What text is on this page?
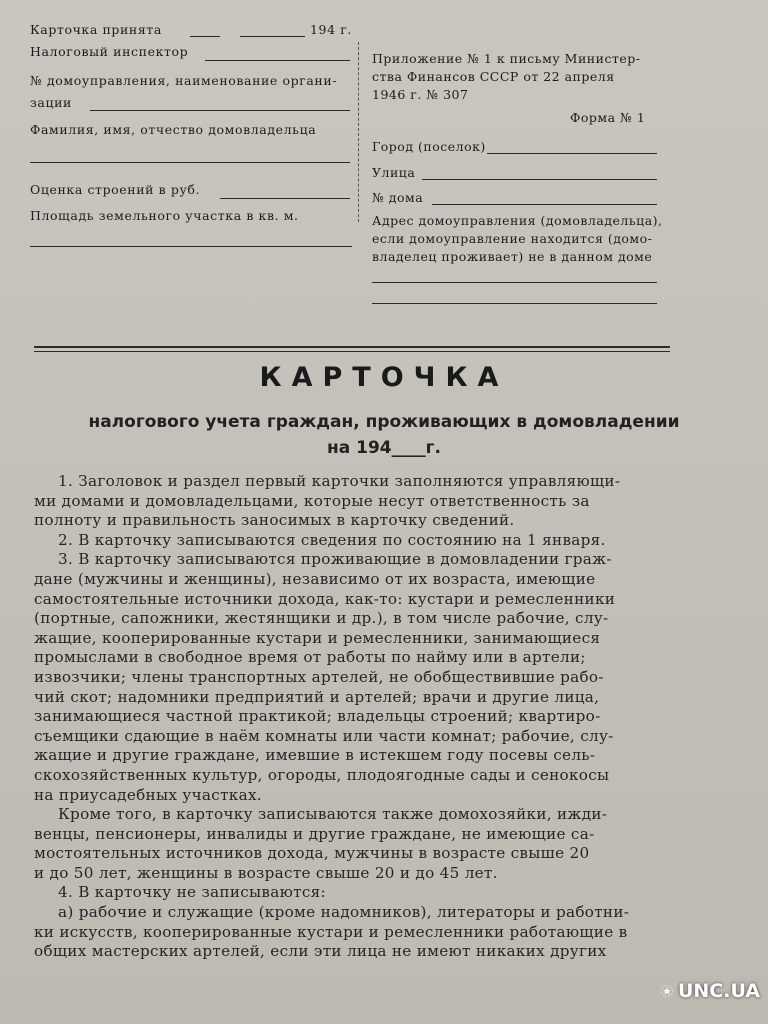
Карточка принята	194 г.
Налоговый инспектор
№ домоуправления, наименование органи-
зации
Фамилия, имя, отчество домовладельца
Оценка строений в руб.
Площадь земельного участка в кв. м.
Приложение № 1 к письму Министер-
ства Финансов СССР от 22 апреля
1946 г. № 307
Форма № 1
Город (поселок)
Улица
№ дома
Адрес домоуправления (домовладельца),
если домоуправление находится (домо-
владелец проживает) не в данном доме
КАРТОЧКА
налогового учета граждан, проживающих в домовладении
на 194____г.
1. Заголовок и раздел первый карточки заполняются управляющи-
ми домами и домовладельцами, которые несут ответственность за
полноту и правильность заносимых в карточку сведений.
2. В карточку записываются сведения по состоянию на 1 января.
3. В карточку записываются проживающие в домовладении граж-
дане (мужчины и женщины), независимо от их возраста, имеющие
самостоятельные источники дохода, как-то: кустари и ремесленники
(портные, сапожники, жестянщики и др.), в том числе рабочие, слу-
жащие, кооперированные кустари и ремесленники, занимающиеся
промыслами в свободное время от работы по найму или в артели;
извозчики; члены транспортных артелей, не обобществившие рабо-
чий скот; надомники предприятий и артелей; врачи и другие лица,
занимающиеся частной практикой; владельцы строений; квартиро-
съемщики сдающие в наём комнаты или части комнат; рабочие, слу-
жащие и другие граждане, имевшие в истекшем году посевы сель-
скохозяйственных культур, огороды, плодоягодные сады и сенокосы
на приусадебных участках.
Кроме того, в карточку записываются также домохозяйки, ижди-
венцы, пенсионеры, инвалиды и другие граждане, не имеющие са-
мостоятельных источников дохода, мужчины в возрасте свыше 20
и до 50 лет, женщины в возрасте свыше 20 и до 45 лет.
4. В карточку не записываются:
а) рабочие и служащие (кроме надомников), литераторы и работни-
ки искусств, кооперированные кустари и ремесленники работающие в
общих мастерских артелей, если эти лица не имеют никаких других
UNC.UA
